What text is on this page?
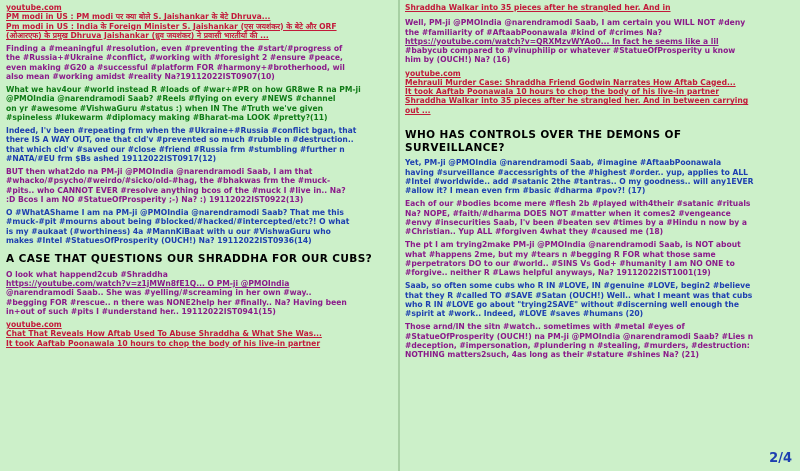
youtube.com
PM modi in US : PM modi पर क्या बोले S. Jaishankar के बेटे Dhruva...
Pm modi in US : India के Foreign Minister S. Jaishankar (एस जयशंकर) के बेटे और ORF
(ओआरएफ) के प्रमुख Dhruva Jaishankar (ध्रुव जयशंकर) ने प्रवासी भारतीयों की ...
Finding a #meaningful #resolution, even #preventing the #start/#progress of
the #Russia+#Ukraine #conflict, #working with #foresight 2 #ensure #peace,
even making #G20 a #successful #platform FOR #harmony+#brotherhood, wil
also mean #working amidst #reality Na?19112022IST0907(10)
What we hav4our #world instead R #loads of #war+#PR on how GR8we R na PM-ji
@PMOIndia @narendramodi Saab? #Reels #flying on every #NEWS #channel
on yr #awesome #VishwaGuru #status :) when IN The #Truth we've given
#spineless #lukewarm #diplomacy making #Bharat-ma LOOK #pretty?(11)
Indeed, I'v been #repeating frm when the #Ukraine+#Russia #conflict bgan, that
there IS A WAY OUT, one that cld'v #prevented so much #rubble n #destruction..
that which cld'v #saved our #close #friend #Russia frm #stumbling #further n
#NATA/#EU frm $Bs ashed 19112022IST0917(12)
BUT then what2do na PM-ji @PMOIndia @narendramodi Saab, I am that
#whacko/#psycho/#weirdo/#sicko/old-#hag, the #bhakwas frm the #muck-
#pits.. who CANNOT EVER #resolve anything bcos of the #muck I #live in.. Na?
:D Bcos I am NO #StatueOfProsperity ;-) Na? :) 19112022IST0922(13)
O #WhatAShame I am na PM-ji @PMOIndia @narendramodi Saab? That me this
#muck-#pit #mourns about being #blocked/#hacked/#intercepted/etc?! O what
is my #aukaat (#worthiness) 4a #MannKiBaat with u our #VishwaGuru who
makes #Intel #StatuesOfProsperity (OUCH!) Na? 19112022IST0936(14)
A CASE THAT QUESTIONS OUR SHRADDHA FOR OUR CUBS?
O look what happend2cub #Shraddha
https://youtube.com/watch?v=z1jMWn8fE1Q... O PM-ji @PMOIndia
@narendramodi Saab.. She was #yelling/#screaming in her own #way..
#begging FOR #rescue.. n there was NONE2help her #finally.. Na? Having been
in+out of such #pits I #understand her.. 19112022IST0941(15)
youtube.com
Chat That Reveals How Aftab Used To Abuse Shraddha & What She Was...
It took Aaftab Poonawala 10 hours to chop the body of his live-in partner
Shraddha Walkar into 35 pieces after he strangled her. And in
Well, PM-ji @PMOIndia @narendramodi Saab, I am certain you WILL NOT #deny
the #familiarity of #AftaabPoonawala #kind of #crimes Na?
https://youtube.com/watch?v=QRXMzvWYAo0... In fact he seems like a lil
#babycub compared to #vinuphilip or whatever #StatueOfProsperity u know
him by (OUCH!) Na? (16)
youtube.com
Mehrauli Murder Case: Shraddha Friend Godwin Narrates How Aftab Caged...
It took Aaftab Poonawala 10 hours to chop the body of his live-in partner
Shraddha Walkar into 35 pieces after he strangled her. And in between carrying
out ...
WHO HAS CONTROLS OVER THE DEMONS OF
SURVEILLANCE?
Yet, PM-ji @PMOIndia @narendramodi Saab, #imagine #AftaabPoonawala
having #surveillance #accessrights of the #highest #order.. yup, applies to ALL
#Intel #worldwide.. add #satanic 2the #tantras.. O my goodness.. will any1EVER
#allow it? I mean even frm #basic #dharma #pov?! (17)
Each of our #bodies bcome mere #flesh 2b #played with4their #satanic #rituals
Na? NOPE, #faith/#dharma DOES NOT #matter when it comes2 #vengeance
#envy #insecurities Saab, I'v been #beaten sev #times by a #Hindu n now by a
#Christian.. Yup ALL #forgiven 4what they #caused me (18)
The pt I am trying2make PM-ji @PMOIndia @narendramodi Saab, is NOT about
what #happens 2me, but my #tears n #begging R FOR what those same
#perpetrators DO to our #world.. #SINS Vs God+ #humanity I am NO ONE to
#forgive.. neither R #Laws helpful anyways, Na? 19112022IST1001(19)
Saab, so often some cubs who R IN #LOVE, IN #genuine #LOVE, begin2 #believe
that they R #called TO #SAVE #Satan (OUCH!) Well.. what I meant was that cubs
who R IN #LOVE go about "trying2SAVE" without #discerning well enough the
#spirit at #work.. Indeed, #LOVE #saves #humans (20)
Those arnd/IN the sitn #watch.. sometimes with #metal #eyes of
#StatueOfProsperity (OUCH!) na PM-ji @PMOIndia @narendramodi Saab? #Lies n
#deception, #impersonation, #plundering n #stealing, #murders, #destruction:
NOTHING matters2such, 4as long as their #stature #shines Na? (21)
2/4
